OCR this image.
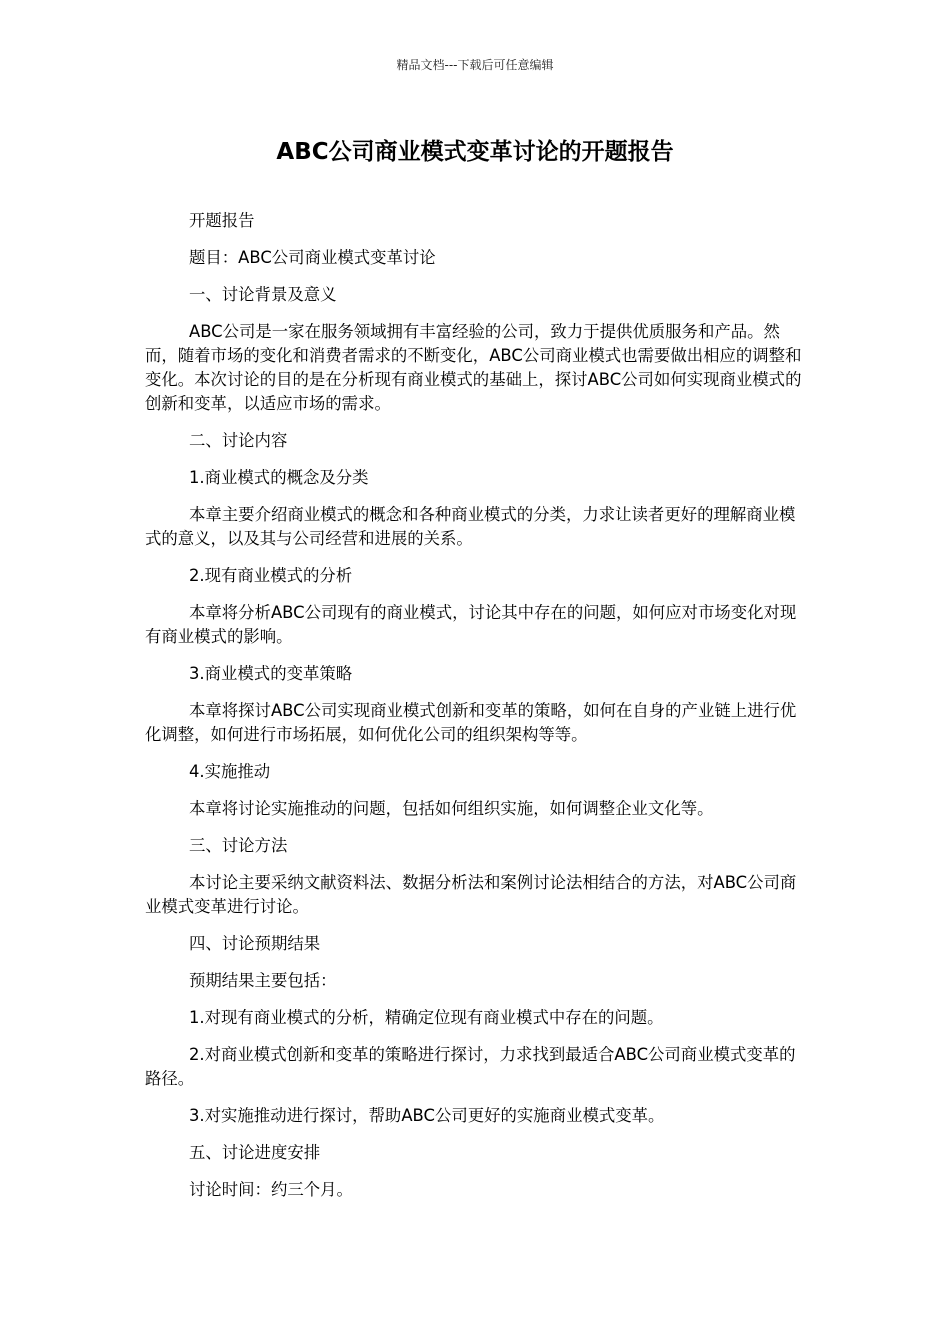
精品文档---下载后可任意编辑
ABC公司商业模式变革讨论的开题报告

开题报告

题目：ABC公司商业模式变革讨论

一、讨论背景及意义

ABC公司是一家在服务领域拥有丰富经验的公司，致力于提供优质服务和产品。然而，随着市场的变化和消费者需求的不断变化，ABC公司商业模式也需要做出相应的调整和变化。本次讨论的目的是在分析现有商业模式的基础上，探讨ABC公司如何实现商业模式的创新和变革，以适应市场的需求。

二、讨论内容

1.商业模式的概念及分类

本章主要介绍商业模式的概念和各种商业模式的分类，力求让读者更好的理解商业模式的意义，以及其与公司经营和进展的关系。

2.现有商业模式的分析

本章将分析ABC公司现有的商业模式，讨论其中存在的问题，如何应对市场变化对现有商业模式的影响。

3.商业模式的变革策略

本章将探讨ABC公司实现商业模式创新和变革的策略，如何在自身的产业链上进行优化调整，如何进行市场拓展，如何优化公司的组织架构等等。

4.实施推动

本章将讨论实施推动的问题，包括如何组织实施，如何调整企业文化等。

三、讨论方法

本讨论主要采纳文献资料法、数据分析法和案例讨论法相结合的方法，对ABC公司商业模式变革进行讨论。

四、讨论预期结果

预期结果主要包括：

1.对现有商业模式的分析，精确定位现有商业模式中存在的问题。

2.对商业模式创新和变革的策略进行探讨，力求找到最适合ABC公司商业模式变革的路径。

3.对实施推动进行探讨，帮助ABC公司更好的实施商业模式变革。

五、讨论进度安排

讨论时间：约三个月。
